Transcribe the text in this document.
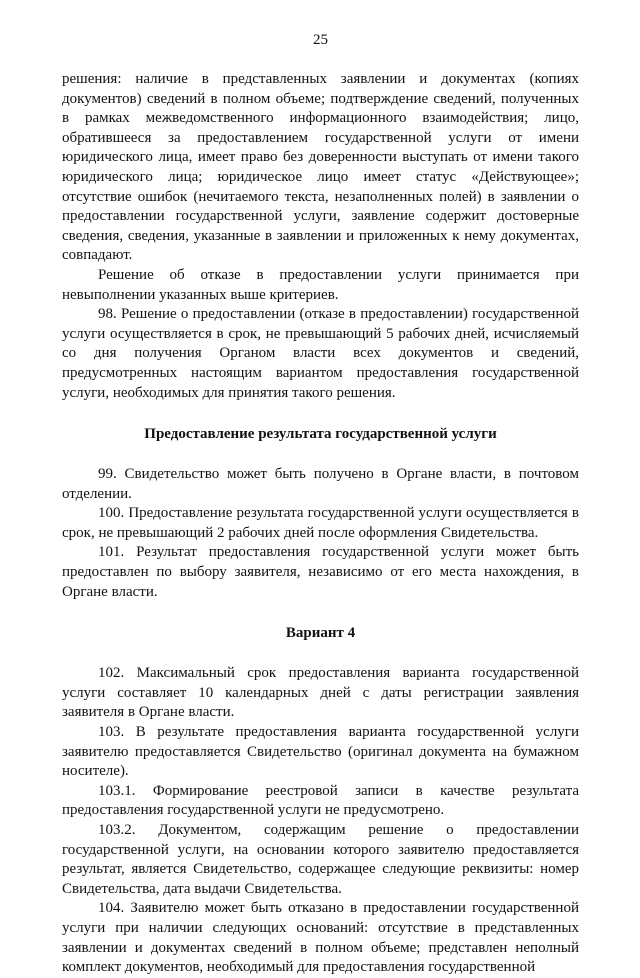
25

решения: наличие в представленных заявлении и документах (копиях документов) сведений в полном объеме; подтверждение сведений, полученных в рамках межведомственного информационного взаимодействия; лицо, обратившееся за предоставлением государственной услуги от имени юридического лица, имеет право без доверенности выступать от имени такого юридического лица; юридическое лицо имеет статус «Действующее»; отсутствие ошибок (нечитаемого текста, незаполненных полей) в заявлении о предоставлении государственной услуги, заявление содержит достоверные сведения, сведения, указанные в заявлении и приложенных к нему документах, совпадают.

Решение об отказе в предоставлении услуги принимается при невыполнении указанных выше критериев.

98. Решение о предоставлении (отказе в предоставлении) государственной услуги осуществляется в срок, не превышающий 5 рабочих дней, исчисляемый со дня получения Органом власти всех документов и сведений, предусмотренных настоящим вариантом предоставления государственной услуги, необходимых для принятия такого решения.

Предоставление результата государственной услуги

99. Свидетельство может быть получено в Органе власти, в почтовом отделении.

100. Предоставление результата государственной услуги осуществляется в срок, не превышающий 2 рабочих дней после оформления Свидетельства.

101. Результат предоставления государственной услуги может быть предоставлен по выбору заявителя, независимо от его места нахождения, в Органе власти.

Вариант 4

102. Максимальный срок предоставления варианта государственной услуги составляет 10 календарных дней с даты регистрации заявления заявителя в Органе власти.

103. В результате предоставления варианта государственной услуги заявителю предоставляется Свидетельство (оригинал документа на бумажном носителе).

103.1. Формирование реестровой записи в качестве результата предоставления государственной услуги не предусмотрено.

103.2. Документом, содержащим решение о предоставлении государственной услуги, на основании которого заявителю предоставляется результат, является Свидетельство, содержащее следующие реквизиты: номер Свидетельства, дата выдачи Свидетельства.

104. Заявителю может быть отказано в предоставлении государственной услуги при наличии следующих оснований: отсутствие в представленных заявлении и документах сведений в полном объеме; представлен неполный комплект документов, необходимый для предоставления государственной
